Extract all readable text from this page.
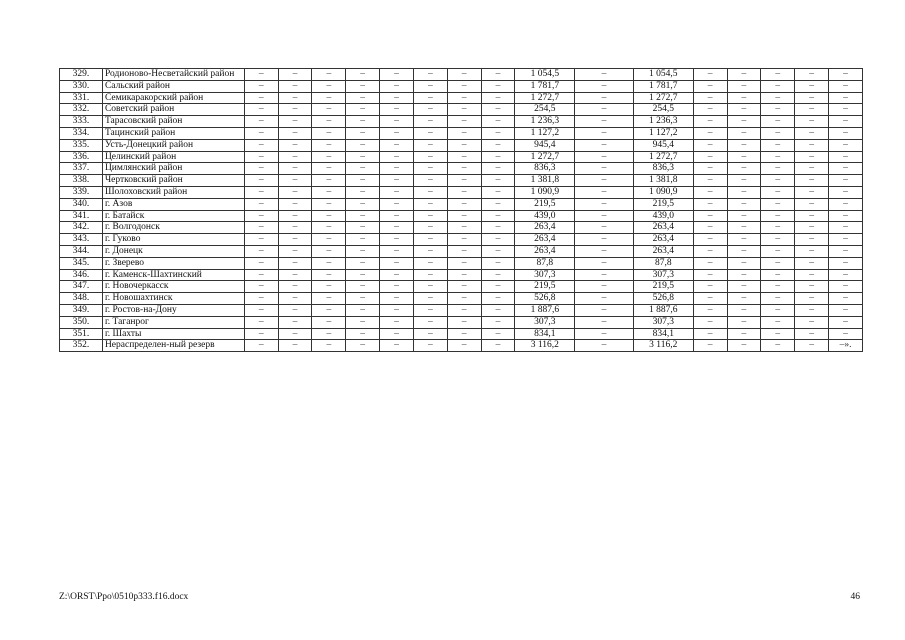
329.	Родионово-Несветайский район	–	–	–	–	–	–	–	–	1 054,5	–	1 054,5	–	–	–	–	–
330.	Сальский район	–	–	–	–	–	–	–	–	1 781,7	–	1 781,7	–	–	–	–	–
331.	Семикаракорский район	–	–	–	–	–	–	–	–	1 272,7	–	1 272,7	–	–	–	–	–
332.	Советский район	–	–	–	–	–	–	–	–	254,5	–	254,5	–	–	–	–	–
333.	Тарасовский район	–	–	–	–	–	–	–	–	1 236,3	–	1 236,3	–	–	–	–	–
334.	Тацинский район	–	–	–	–	–	–	–	–	1 127,2	–	1 127,2	–	–	–	–	–
335.	Усть-Донецкий район	–	–	–	–	–	–	–	–	945,4	–	945,4	–	–	–	–	–
336.	Целинский район	–	–	–	–	–	–	–	–	1 272,7	–	1 272,7	–	–	–	–	–
337.	Цимлянский район	–	–	–	–	–	–	–	–	836,3	–	836,3	–	–	–	–	–
338.	Чертковский район	–	–	–	–	–	–	–	–	1 381,8	–	1 381,8	–	–	–	–	–
339.	Шолоховский район	–	–	–	–	–	–	–	–	1 090,9	–	1 090,9	–	–	–	–	–
340.	г. Азов	–	–	–	–	–	–	–	–	219,5	–	219,5	–	–	–	–	–
341.	г. Батайск	–	–	–	–	–	–	–	–	439,0	–	439,0	–	–	–	–	–
342.	г. Волгодонск	–	–	–	–	–	–	–	–	263,4	–	263,4	–	–	–	–	–
343.	г. Гуково	–	–	–	–	–	–	–	–	263,4	–	263,4	–	–	–	–	–
344.	г. Донецк	–	–	–	–	–	–	–	–	263,4	–	263,4	–	–	–	–	–
345.	г. Зверево	–	–	–	–	–	–	–	–	87,8	–	87,8	–	–	–	–	–
346.	г. Каменск-Шахтинский	–	–	–	–	–	–	–	–	307,3	–	307,3	–	–	–	–	–
347.	г. Новочеркасск	–	–	–	–	–	–	–	–	219,5	–	219,5	–	–	–	–	–
348.	г. Новошахтинск	–	–	–	–	–	–	–	–	526,8	–	526,8	–	–	–	–	–
349.	г. Ростов-на-Дону	–	–	–	–	–	–	–	–	1 887,6	–	1 887,6	–	–	–	–	–
350.	г. Таганрог	–	–	–	–	–	–	–	–	307,3	–	307,3	–	–	–	–	–
351.	г. Шахты	–	–	–	–	–	–	–	–	834,1	–	834,1	–	–	–	–	–
352.	Нераспределен-ный резерв	–	–	–	–	–	–	–	–	3 116,2	–	3 116,2	–	–	–	–	–».
Z:\ORST\Ppo\0510p333.f16.docx	46
